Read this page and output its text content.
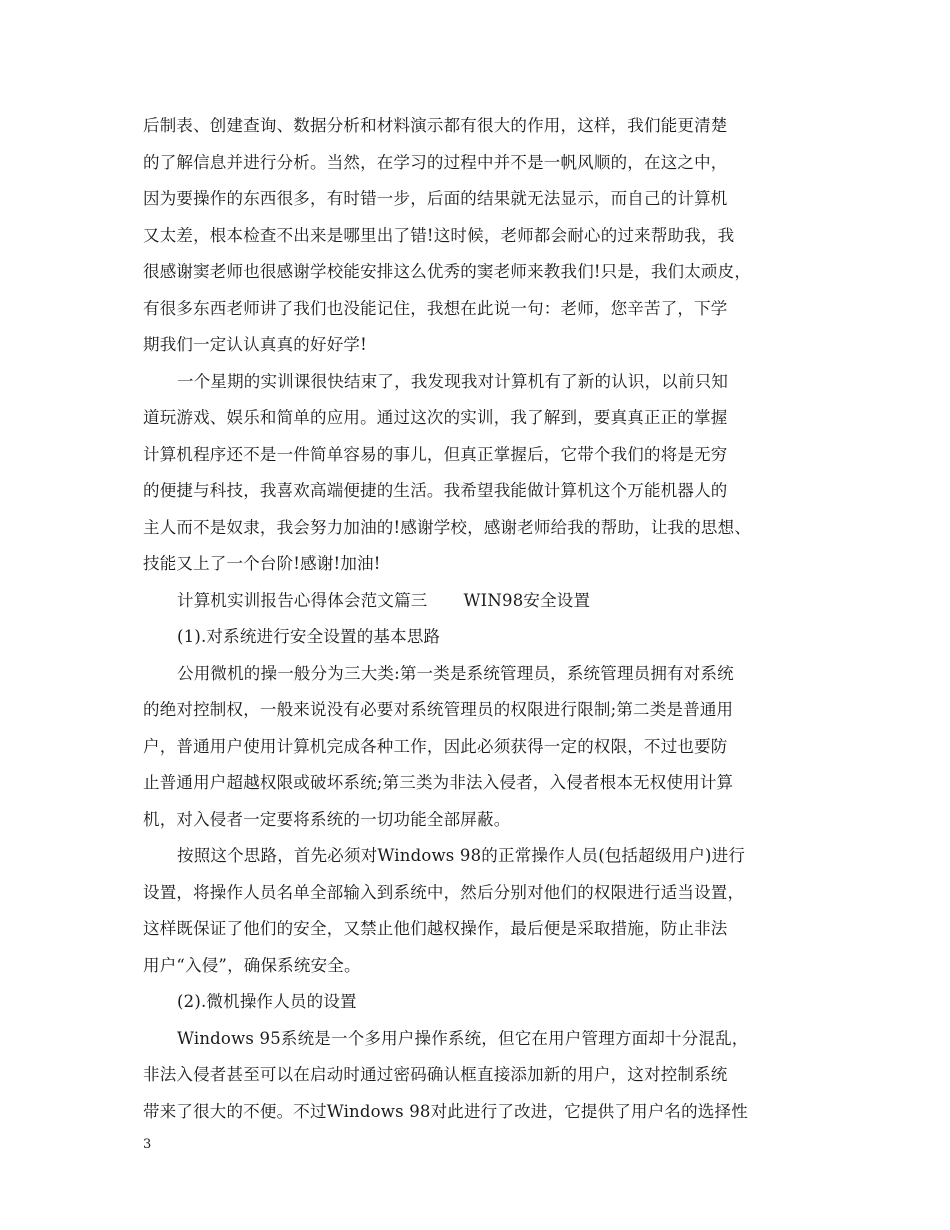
后制表、创建查询、数据分析和材料演示都有很大的作用，这样，我们能更清楚
的了解信息并进行分析。当然，在学习的过程中并不是一帆风顺的，在这之中，
因为要操作的东西很多，有时错一步，后面的结果就无法显示，而自己的计算机
又太差，根本检查不出来是哪里出了错!这时候，老师都会耐心的过来帮助我，我
很感谢窦老师也很感谢学校能安排这么优秀的窦老师来教我们!只是，我们太顽皮，
有很多东西老师讲了我们也没能记住，我想在此说一句：老师，您辛苦了，下学
期我们一定认认真真的好好学!
一个星期的实训课很快结束了，我发现我对计算机有了新的认识，以前只知
道玩游戏、娱乐和简单的应用。通过这次的实训，我了解到，要真真正正的掌握
计算机程序还不是一件简单容易的事儿，但真正掌握后，它带个我们的将是无穷
的便捷与科技，我喜欢高端便捷的生活。我希望我能做计算机这个万能机器人的
主人而不是奴隶，我会努力加油的!感谢学校，感谢老师给我的帮助，让我的思想、
技能又上了一个台阶!感谢!加油!
计算机实训报告心得体会范文篇三 WIN98安全设置
(1).对系统进行安全设置的基本思路
公用微机的操一般分为三大类:第一类是系统管理员，系统管理员拥有对系统
的绝对控制权，一般来说没有必要对系统管理员的权限进行限制;第二类是普通用
户，普通用户使用计算机完成各种工作，因此必须获得一定的权限，不过也要防
止普通用户超越权限或破坏系统;第三类为非法入侵者，入侵者根本无权使用计算
机，对入侵者一定要将系统的一切功能全部屏蔽。
按照这个思路，首先必须对Windows 98的正常操作人员(包括超级用户)进行
设置，将操作人员名单全部输入到系统中，然后分别对他们的权限进行适当设置，
这样既保证了他们的安全，又禁止他们越权操作，最后便是采取措施，防止非法
用户“入侵”，确保系统安全。
(2).微机操作人员的设置
Windows 95系统是一个多用户操作系统，但它在用户管理方面却十分混乱，
非法入侵者甚至可以在启动时通过密码确认框直接添加新的用户，这对控制系统
带来了很大的不便。不过Windows 98对此进行了改进，它提供了用户名的选择性
3
